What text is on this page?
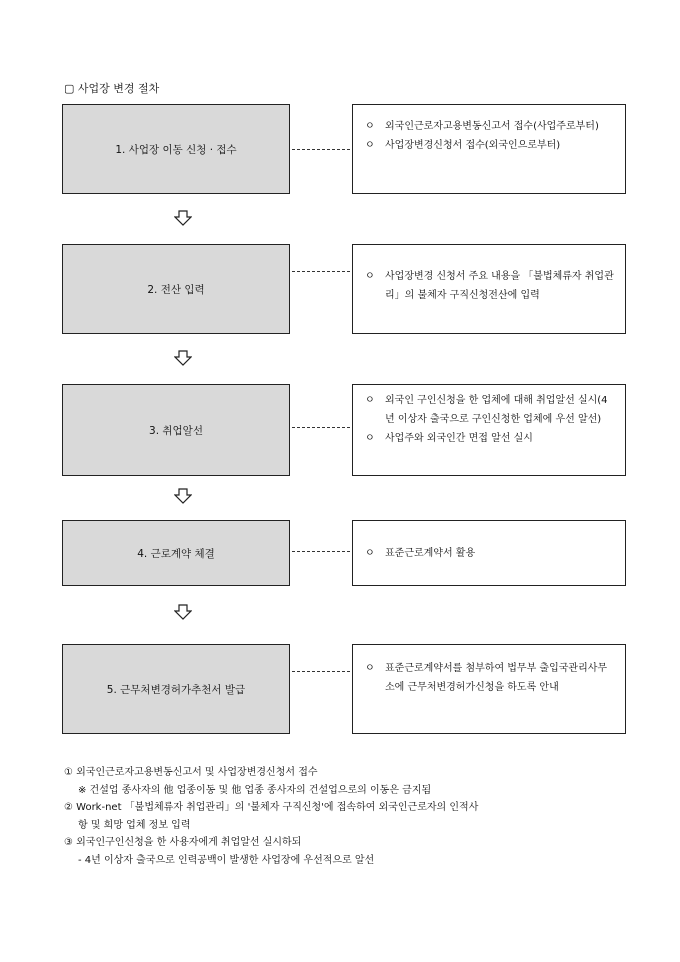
▢ 사업장 변경 절차
1. 사업장 이동 신청 · 접수
ㅇ 외국인근로자고용변동신고서 접수(사업주로부터)
ㅇ 사업장변경신청서 접수(외국인으로부터)
2. 전산 입력
ㅇ 사업장변경 신청서 주요 내용을 「불법체류자 취업관리」의 불체자 구직신청전산에 입력
3. 취업알선
ㅇ 외국인 구인신청을 한 업체에 대해 취업알선 실시(4년 이상자 출국으로 구인신청한 업체에 우선 알선)
ㅇ 사업주와 외국인간 면접 알선 실시
4. 근로계약 체결	ㅇ 표준근로계약서 활용
5. 근무처변경허가추천서 발급
ㅇ 표준근로계약서를 첨부하여 법무부 출입국관리사무소에 근무처변경허가신청을 하도록 안내
① 외국인근로자고용변동신고서 및 사업장변경신청서 접수
※ 건설업 종사자의 他 업종이동 및 他 업종 종사자의 건설업으로의 이동은 금지됨
② Work-net 「불법체류자 취업관리」의 '불체자 구직신청'에 접속하여 외국인근로자의 인적사
항 및 희망 업체 정보 입력
③ 외국인구인신청을 한 사용자에게 취업알선 실시하되
- 4년 이상자 출국으로 인력공백이 발생한 사업장에 우선적으로 알선
